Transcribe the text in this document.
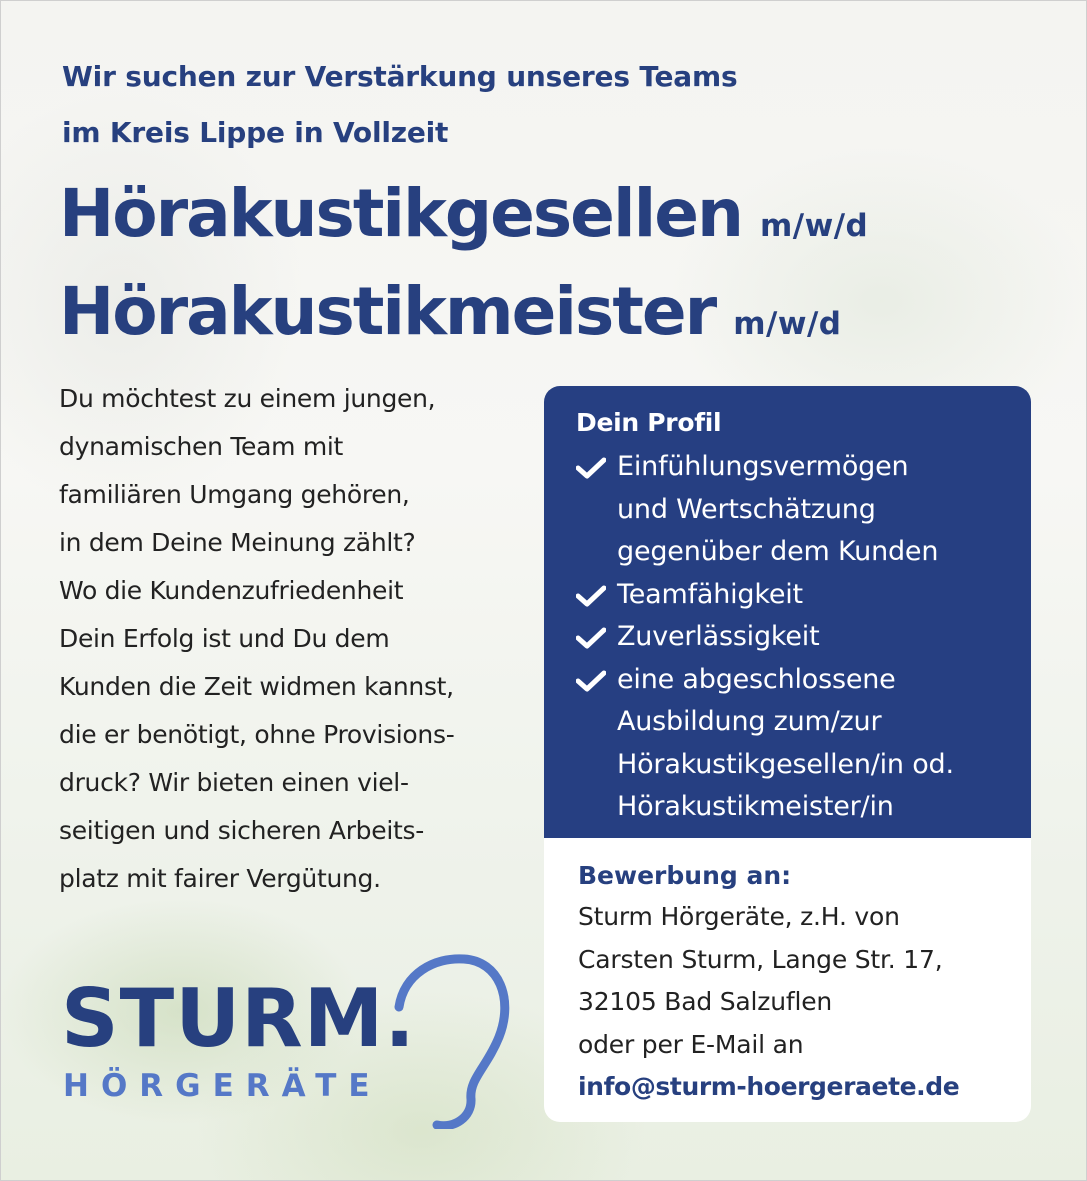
Wir suchen zur Verstärkung unseres Teams
im Kreis Lippe in Vollzeit
Hörakustikgesellen m/w/d
Hörakustikmeister m/w/d
Du möchtest zu einem jungen,
dynamischen Team mit
familiären Umgang gehören,
in dem Deine Meinung zählt?
Wo die Kundenzufriedenheit
Dein Erfolg ist und Du dem
Kunden die Zeit widmen kannst,
die er benötigt, ohne Provisions-
druck? Wir bieten einen viel-
seitigen und sicheren Arbeits-
platz mit fairer Vergütung.
Dein Profil
Einfühlungsvermögen
und Wertschätzung
gegenüber dem Kunden
Teamfähigkeit
Zuverlässigkeit
eine abgeschlossene
Ausbildung zum/zur
Hörakustikgesellen/in od.
Hörakustikmeister/in
Bewerbung an:
Sturm Hörgeräte, z.H. von
Carsten Sturm, Lange Str. 17,
32105 Bad Salzuflen
oder per E-Mail an
info@sturm-hoergeraete.de
STURM.
HÖRGERÄTE
